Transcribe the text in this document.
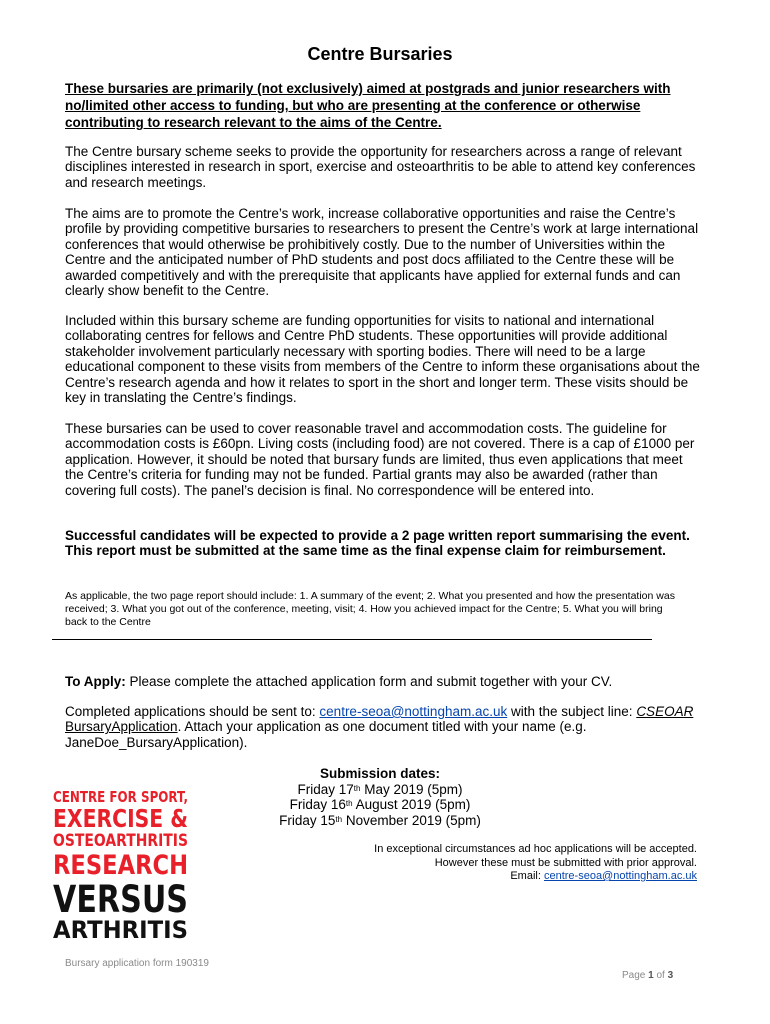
Centre Bursaries

These bursaries are primarily (not exclusively) aimed at postgrads and junior researchers with no/limited other access to funding, but who are presenting at the conference or otherwise contributing to research relevant to the aims of the Centre.

The Centre bursary scheme seeks to provide the opportunity for researchers across a range of relevant disciplines interested in research in sport, exercise and osteoarthritis to be able to attend key conferences and research meetings.

The aims are to promote the Centre’s work, increase collaborative opportunities and raise the Centre’s profile by providing competitive bursaries to researchers to present the Centre’s work at large international conferences that would otherwise be prohibitively costly. Due to the number of Universities within the Centre and the anticipated number of PhD students and post docs affiliated to the Centre these will be awarded competitively and with the prerequisite that applicants have applied for external funds and can clearly show benefit to the Centre.

Included within this bursary scheme are funding opportunities for visits to national and international collaborating centres for fellows and Centre PhD students. These opportunities will provide additional stakeholder involvement particularly necessary with sporting bodies. There will need to be a large educational component to these visits from members of the Centre to inform these organisations about the Centre’s research agenda and how it relates to sport in the short and longer term. These visits should be key in translating the Centre’s findings.

These bursaries can be used to cover reasonable travel and accommodation costs. The guideline for accommodation costs is £60pn. Living costs (including food) are not covered. There is a cap of £1000 per application. However, it should be noted that bursary funds are limited, thus even applications that meet the Centre’s criteria for funding may not be funded. Partial grants may also be awarded (rather than covering full costs). The panel’s decision is final. No correspondence will be entered into.

Successful candidates will be expected to provide a 2 page written report summarising the event. This report must be submitted at the same time as the final expense claim for reimbursement.

As applicable, the two page report should include: 1. A summary of the event; 2. What you presented and how the presentation was received; 3. What you got out of the conference, meeting, visit; 4. How you achieved impact for the Centre; 5. What you will bring back to the Centre

To Apply: Please complete the attached application form and submit together with your CV.

Completed applications should be sent to: centre-seoa@nottingham.ac.uk with the subject line: CSEOAR BursaryApplication. Attach your application as one document titled with your name (e.g. JaneDoe_BursaryApplication).

Submission dates:
Friday 17th May 2019 (5pm)
Friday 16th August 2019 (5pm)
Friday 15th November 2019 (5pm)
In exceptional circumstances ad hoc applications will be accepted.
However these must be submitted with prior approval.
Email: centre-seoa@nottingham.ac.uk
CENTRE FOR SPORT,
EXERCISE &
OSTEOARTHRITIS
RESEARCH
VERSUS
ARTHRITIS
Bursary application form 190319
Page 1 of 3
